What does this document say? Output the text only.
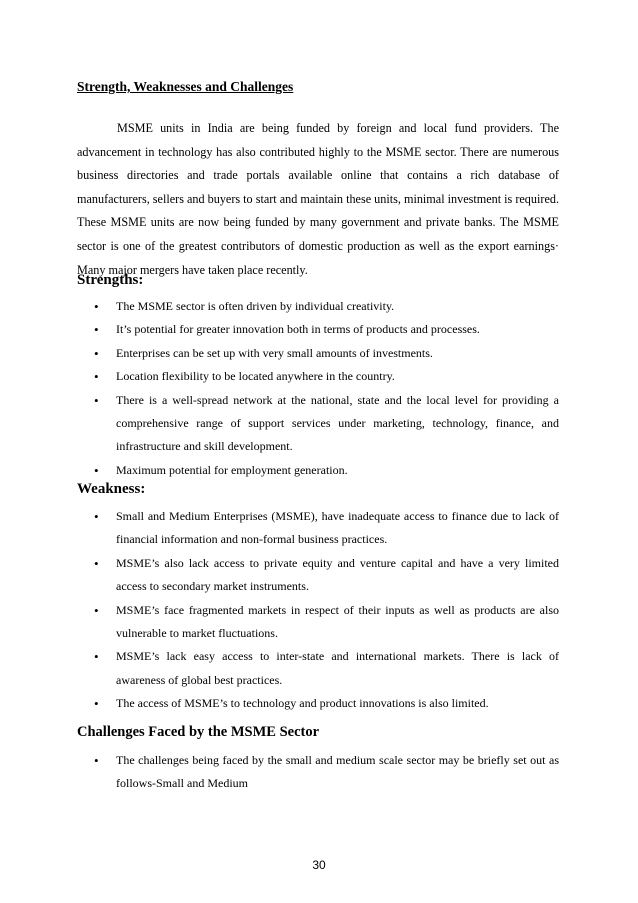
Strength, Weaknesses and Challenges

MSME units in India are being funded by foreign and local fund providers. The advancement in technology has also contributed highly to the MSME sector. There are numerous business directories and trade portals available online that contains a rich database of manufacturers, sellers and buyers to start and maintain these units, minimal investment is required. These MSME units are now being funded by many government and private banks. The MSME sector is one of the greatest contributors of domestic production as well as the export earnings· Many major mergers have taken place recently.

Strengths:
• The MSME sector is often driven by individual creativity.
• It’s potential for greater innovation both in terms of products and processes.
• Enterprises can be set up with very small amounts of investments.
• Location flexibility to be located anywhere in the country.
• There is a well-spread network at the national, state and the local level for providing a comprehensive range of support services under marketing, technology, finance, and infrastructure and skill development.
• Maximum potential for employment generation.
Weakness:
• Small and Medium Enterprises (MSME), have inadequate access to finance due to lack of financial information and non-formal business practices.
• MSME’s also lack access to private equity and venture capital and have a very limited access to secondary market instruments.
• MSME’s face fragmented markets in respect of their inputs as well as products are also vulnerable to market fluctuations.
• MSME’s lack easy access to inter-state and international markets. There is lack of awareness of global best practices.
• The access of MSME’s to technology and product innovations is also limited.
Challenges Faced by the MSME Sector
• The challenges being faced by the small and medium scale sector may be briefly set out as follows-Small and Medium
30
